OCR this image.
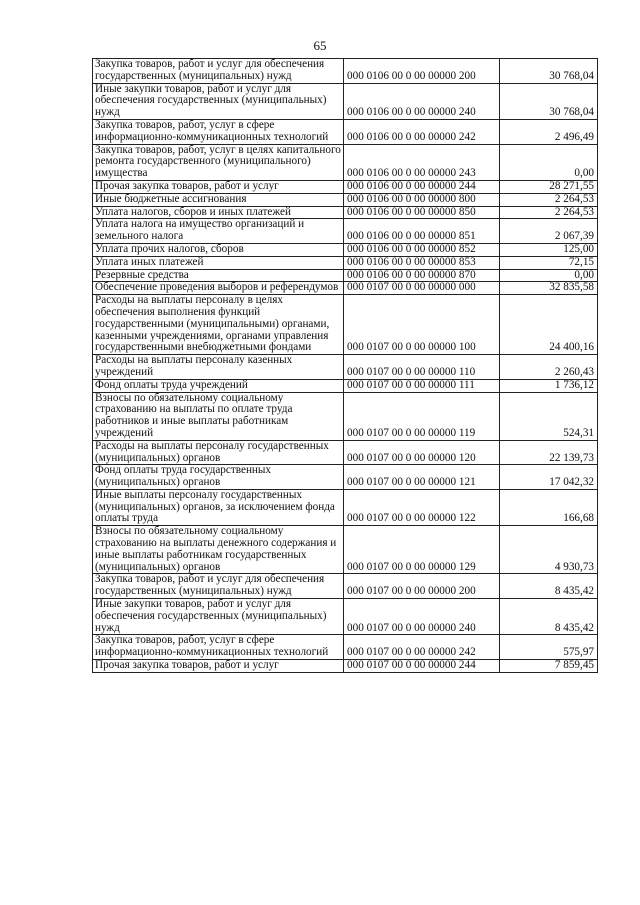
65
Закупка товаров, работ и услуг для обеспечения государственных (муниципальных) нужд	000 0106 00 0 00 00000 200	30 768,04
Иные закупки товаров, работ и услуг для обеспечения государственных (муниципальных) нужд	000 0106 00 0 00 00000 240	30 768,04
Закупка товаров, работ, услуг в сфере информационно-коммуникационных технологий	000 0106 00 0 00 00000 242	2 496,49
Закупка товаров, работ, услуг в целях капитального ремонта государственного (муниципального) имущества	000 0106 00 0 00 00000 243	0,00
Прочая закупка товаров, работ и услуг	000 0106 00 0 00 00000 244	28 271,55
Иные бюджетные ассигнования	000 0106 00 0 00 00000 800	2 264,53
Уплата налогов, сборов и иных платежей	000 0106 00 0 00 00000 850	2 264,53
Уплата налога на имущество организаций и земельного налога	000 0106 00 0 00 00000 851	2 067,39
Уплата прочих налогов, сборов	000 0106 00 0 00 00000 852	125,00
Уплата иных платежей	000 0106 00 0 00 00000 853	72,15
Резервные средства	000 0106 00 0 00 00000 870	0,00
Обеспечение проведения выборов и референдумов	000 0107 00 0 00 00000 000	32 835,58
Расходы на выплаты персоналу в целях обеспечения выполнения функций государственными (муниципальными) органами, казенными учреждениями, органами управления государственными внебюджетными фондами	000 0107 00 0 00 00000 100	24 400,16
Расходы на выплаты персоналу казенных учреждений	000 0107 00 0 00 00000 110	2 260,43
Фонд оплаты труда учреждений	000 0107 00 0 00 00000 111	1 736,12
Взносы по обязательному социальному страхованию на выплаты по оплате труда работников и иные выплаты работникам учреждений	000 0107 00 0 00 00000 119	524,31
Расходы на выплаты персоналу государственных (муниципальных) органов	000 0107 00 0 00 00000 120	22 139,73
Фонд оплаты труда государственных (муниципальных) органов	000 0107 00 0 00 00000 121	17 042,32
Иные выплаты персоналу государственных (муниципальных) органов, за исключением фонда оплаты труда	000 0107 00 0 00 00000 122	166,68
Взносы по обязательному социальному страхованию на выплаты денежного содержания и иные выплаты работникам государственных (муниципальных) органов	000 0107 00 0 00 00000 129	4 930,73
Закупка товаров, работ и услуг для обеспечения государственных (муниципальных) нужд	000 0107 00 0 00 00000 200	8 435,42
Иные закупки товаров, работ и услуг для обеспечения государственных (муниципальных) нужд	000 0107 00 0 00 00000 240	8 435,42
Закупка товаров, работ, услуг в сфере информационно-коммуникационных технологий	000 0107 00 0 00 00000 242	575,97
Прочая закупка товаров, работ и услуг	000 0107 00 0 00 00000 244	7 859,45
